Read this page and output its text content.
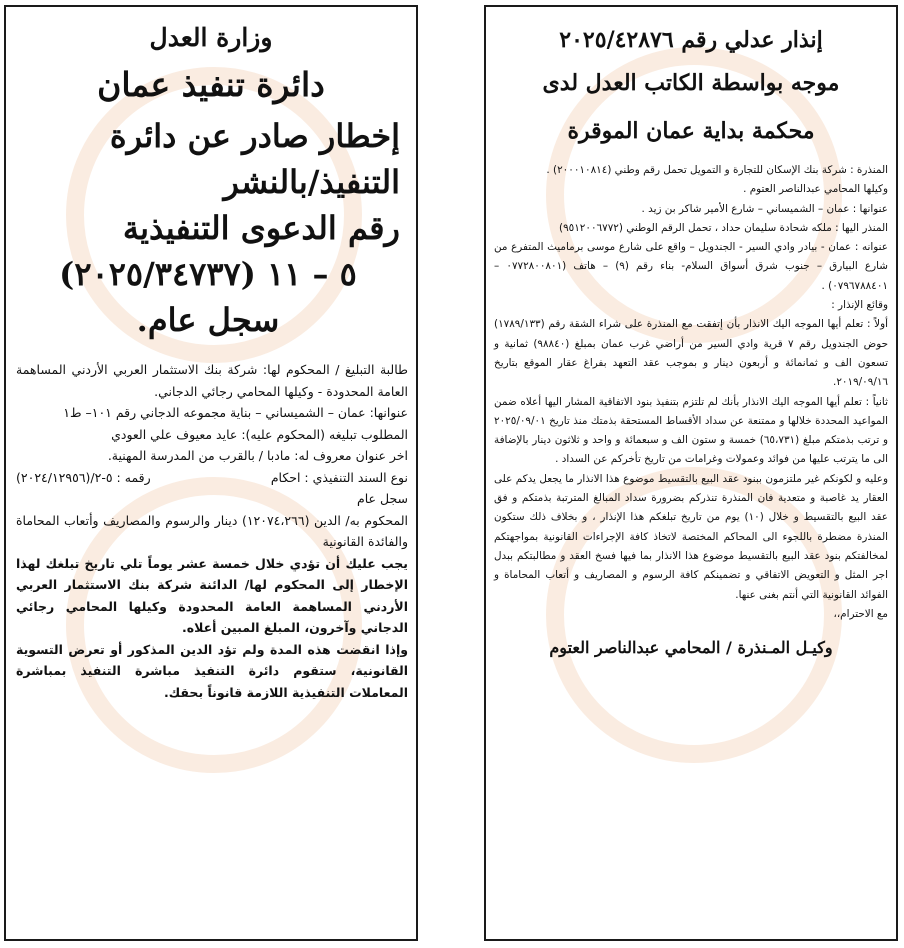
وزارة العدل
دائرة تنفيذ عمان
إخطار صادر عن دائرة
التنفيذ/بالنشر
رقم الدعوى التنفيذية
٥ – ١١ (٢٠٢٥/٣٤٧٣٧)
سجل عام.

طالبة التبليغ / المحكوم لها: شركة بنك الاستثمار العربي الأردني المساهمة العامة المحدودة - وكيلها المحامي رجائي الدجاني.

عنوانها: عمان – الشميساني – بناية مجموعه الدجاني رقم ١٠١– ط١

المطلوب تبليغه (المحكوم عليه): عايد معيوف علي العودي

اخر عنوان معروف له: مادبا / بالقرب من المدرسة المهنية.

نوع السند التنفيذي : احكام
رقمه : ٥-٢/(٢٠٢٤/١٢٩٥٦)

سجل عام

المحكوم به/ الدين (١٢٠٧٤،٢٦٦) دينار والرسوم والمصاريف وأتعاب المحاماة والفائدة القانونية

يجب عليك أن تؤدي خلال خمسة عشر يوماً تلي تاريخ تبلغك لهذا الإخطار إلى المحكوم لها/ الدائنة شركة بنك الاستثمار العربي الأردني المساهمة العامة المحدودة وكيلها المحامي رجائي الدجاني وآخرون، المبلغ المبين أعلاه.

وإذا انقضت هذه المدة ولم تؤد الدين المذكور أو تعرض التسوية القانونية، ستقوم دائرة التنفيذ مباشرة التنفيذ بمباشرة المعاملات التنفيذية اللازمة قانوناً بحقك.

إنذار عدلي رقم ٢٠٢٥/٤٢٨٧٦
موجه بواسطة الكاتب العدل لدى
محكمة بداية عمان الموقرة

المنذرة : شركة بنك الإسكان للتجارة و التمويل تحمل رقم وطني (٢٠٠٠١٠٨١٤) .

وكيلها المحامي عبدالناصر العتوم .

عنوانها : عمان – الشميساني – شارع الأمير شاكر بن زيد .

المنذر اليها : ملكه شحادة سليمان حداد ، تحمل الرقم الوطني (٩٥١٢٠٠٦٧٧٢)

عنوانه : عمان - بيادر وادي السير - الجندويل – واقع على شارع موسى برماميث المتفرع من شارع البيارق – جنوب شرق أسواق السلام- بناء رقم (٩) – هاتف (٠٧٧٢٨٠٠٨٠١ – ٠٧٩٦٧٨٨٤٠١) .

وقائع الإنذار :

أولاً : تعلم أيها الموجه اليك الانذار بأن إتفقت مع المنذرة على شراء الشقة رقم (١٧٨٩/١٣٣) حوض الجندويل رقم ٧ قرية وادي السير من أراضي غرب عمان بمبلغ (٩٨٨٤٠) ثمانية و تسعون الف و ثمانمائة و أربعون دينار و بموجب عقد التعهد بفراغ عقار الموقع بتاريخ ٢٠١٩/٠٩/١٦.

ثانياً : تعلم أيها الموجه اليك الانذار بأنك لم تلتزم بتنفيذ بنود الاتفاقية المشار اليها أعلاه ضمن المواعيد المحددة خلالها و ممتنعة عن سداد الأقساط المستحقة بذمتك منذ تاريخ ٢٠٢٥/٠٩/٠١ و ترتب بذمتكم مبلغ (٦٥،٧٣١) خمسة و ستون الف و سبعمائة و واحد و ثلاثون دينار بالإضافة الى ما يترتب عليها من فوائد وعمولات وغرامات من تاريخ تأخركم عن السداد .

وعليه و لكونكم غير ملتزمون ببنود عقد البيع بالتقسيط موضوع هذا الانذار ما يجعل يدكم على العقار يد غاصبة و متعدية فان المنذرة تنذركم بضرورة سداد المبالغ المترتبة بذمتكم و فق عقد البيع بالتقسيط و خلال (١٠) يوم من تاريخ تبلغكم هذا الإنذار ، و بخلاف ذلك ستكون المنذرة مضطرة باللجوء الى المحاكم المختصة لاتخاذ كافة الإجراءات القانونية بمواجهتكم لمخالفتكم بنود عقد البيع بالتقسيط موضوع هذا الانذار بما فيها فسخ العقد و مطالبتكم ببدل اجر المثل و التعويض الاتفاقي و تضمينكم كافة الرسوم و المصاريف و أتعاب المحاماة و الفوائد القانونية التي أنتم بغنى عنها.

مع الاحترام،،

وكيـل المـنذرة / المحامي عبدالناصر العتوم
